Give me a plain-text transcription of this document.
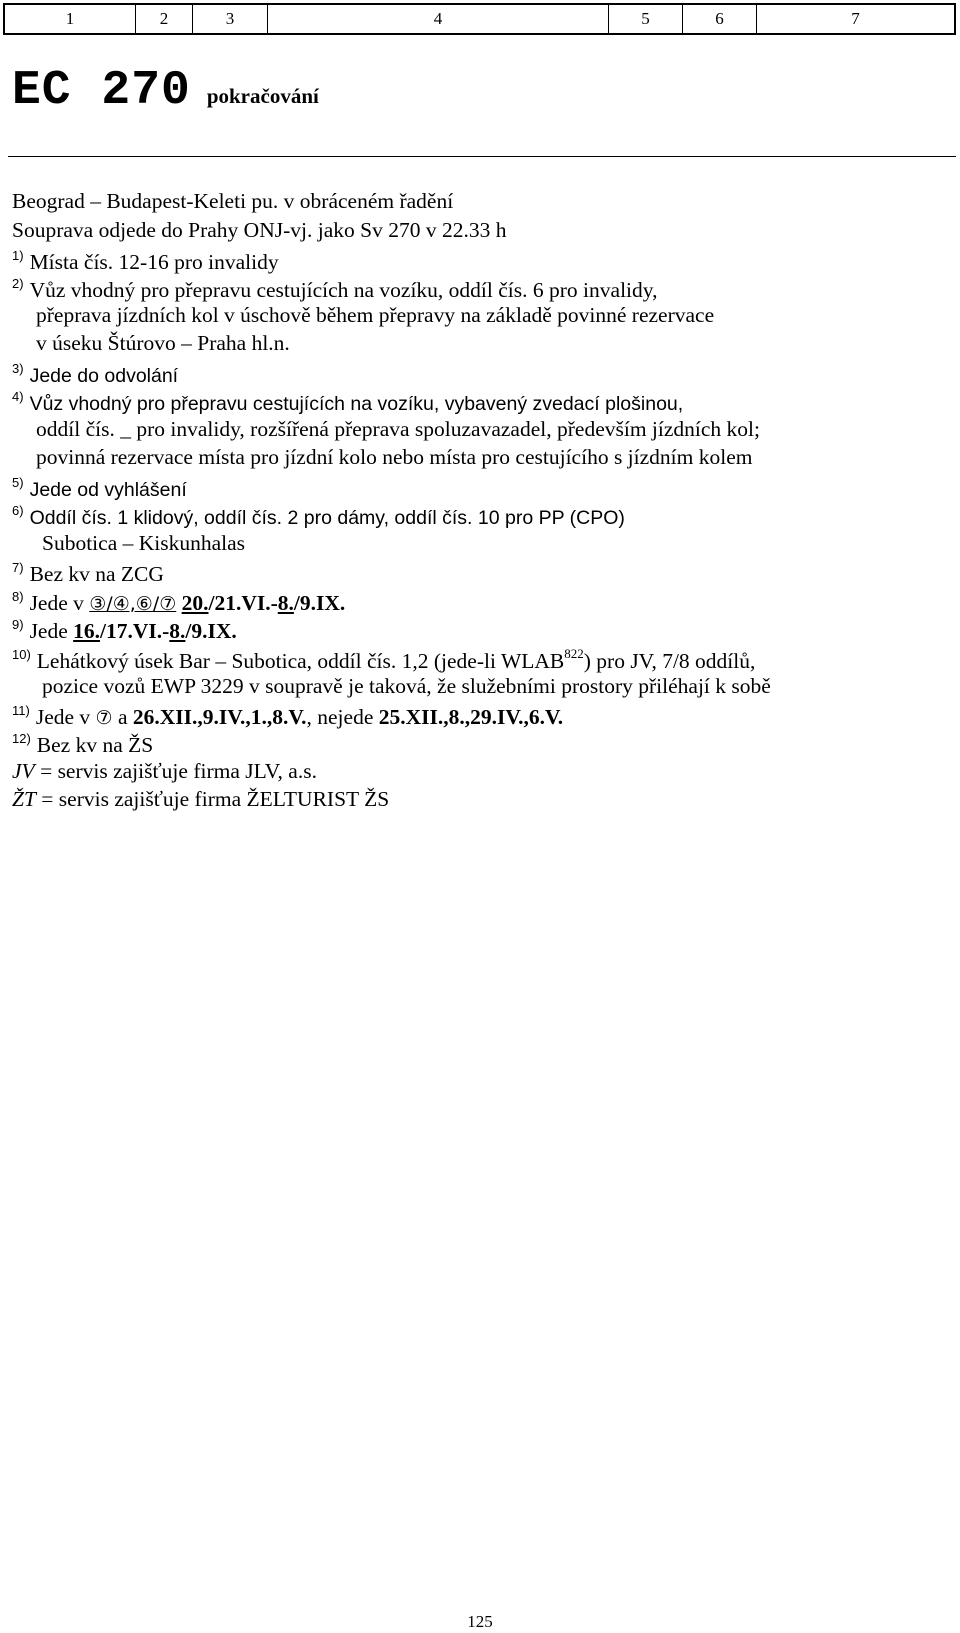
1	2	3	4	5	6	7
EC 270 pokračování
Beograd – Budapest-Keleti pu. v obráceném řadění
Souprava odjede do Prahy ONJ-vj. jako Sv 270 v 22.33 h
$^{1)}$ Místa čís. 12-16 pro invalidy
$^{2)}$ Vůz vhodný pro přepravu cestujících na vozíku, oddíl čís. 6 pro invalidy,
přeprava jízdních kol v úschově během přepravy na základě povinné rezervace
v úseku Štúrovo – Praha hl.n.
$^{3)}$ Jede do odvolání
$^{4)}$ Vůz vhodný pro přepravu cestujících na vozíku, vybavený zvedací plošinou,
oddíl čís. _ pro invalidy, rozšířená přeprava spoluzavazadel, především jízdních kol;
povinná rezervace místa pro jízdní kolo nebo místa pro cestujícího s jízdním kolem
$^{5)}$ Jede od vyhlášení
$^{6)}$ Oddíl čís. 1 klidový, oddíl čís. 2 pro dámy, oddíl čís. 10 pro PP (CPO)
Subotica – Kiskunhalas
$^{7)}$ Bez kv na ZCG
$^{8)}$ Jede v ③/④,⑥/⑦ 20./21.VI.-8./9.IX.
$^{9)}$ Jede 16./17.VI.-8./9.IX.
$^{10)}$ Lehátkový úsek Bar – Subotica, oddíl čís. 1,2 (jede-li WLAB$^{822}$) pro JV, 7/8 oddílů,
pozice vozů EWP 3229 v soupravě je taková, že služebními prostory přiléhají k sobě
$^{11)}$ Jede v ⑦ a 26.XII.,9.IV.,1.,8.V., nejede 25.XII.,8.,29.IV.,6.V.
$^{12)}$ Bez kv na ŽS
JV = servis zajišťuje firma JLV, a.s.
ŽT = servis zajišťuje firma ŽELTURIST ŽS
125
